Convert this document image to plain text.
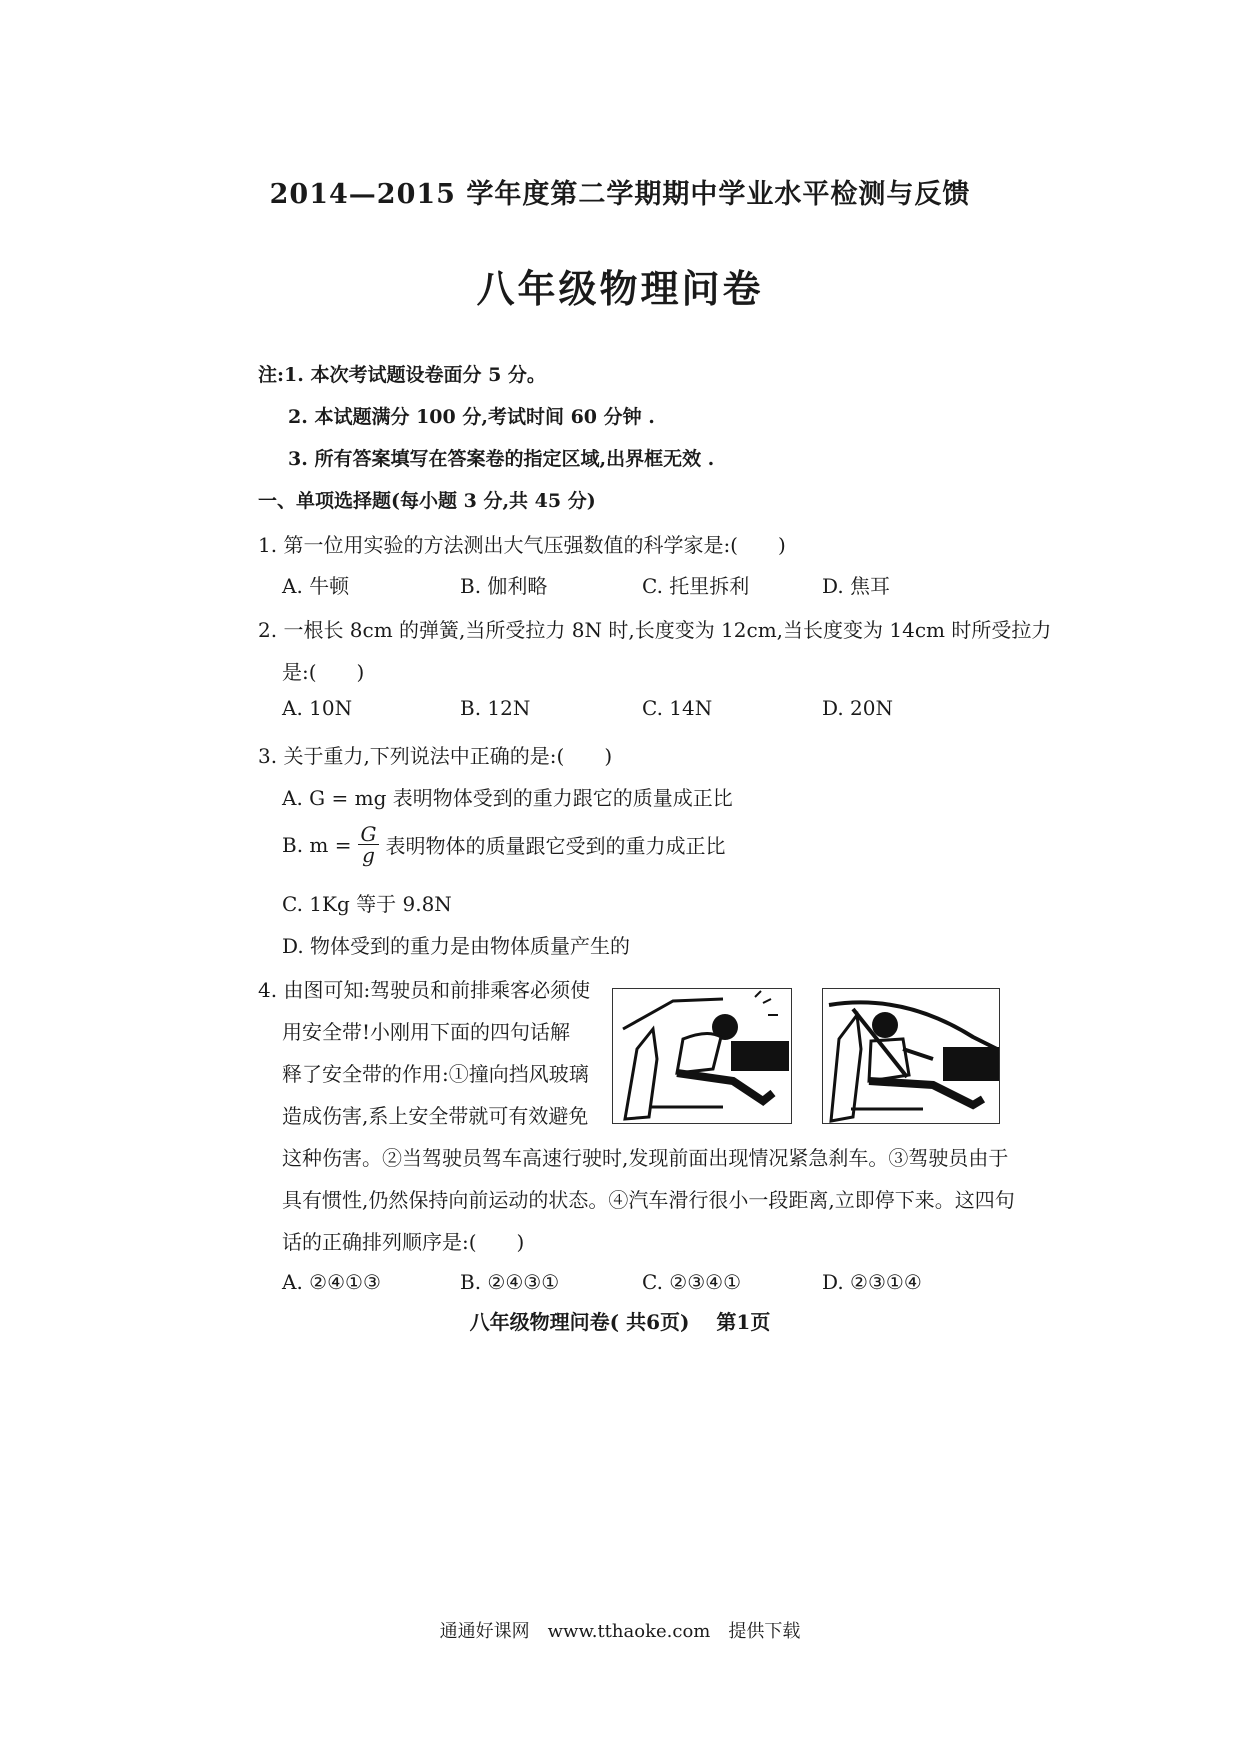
2014—2015 学年度第二学期期中学业水平检测与反馈
八年级物理问卷
注:1. 本次考试题设卷面分 5 分。
2. 本试题满分 100 分,考试时间 60 分钟 .
3. 所有答案填写在答案卷的指定区域,出界框无效 .
一、单项选择题(每小题 3 分,共 45 分)
1. 第一位用实验的方法测出大气压强数值的科学家是:(　　)
A. 牛顿	B. 伽利略	C. 托里拆利	D. 焦耳
2. 一根长 8cm 的弹簧,当所受拉力 8N 时,长度变为 12cm,当长度变为 14cm 时所受拉力
是:(　　)
A. 10N	B. 12N	C. 14N	D. 20N
3. 关于重力,下列说法中正确的是:(　　)
A. G = mg 表明物体受到的重力跟它的质量成正比
B. $m = \frac{G}{g}$ 表明物体的质量跟它受到的重力成正比
C. 1Kg 等于 9.8N
D. 物体受到的重力是由物体质量产生的
4. 由图可知:驾驶员和前排乘客必须使
用安全带!小刚用下面的四句话解
释了安全带的作用:①撞向挡风玻璃
造成伤害,系上安全带就可有效避免
这种伤害。②当驾驶员驾车高速行驶时,发现前面出现情况紧急刹车。③驾驶员由于
具有惯性,仍然保持向前运动的状态。④汽车滑行很小一段距离,立即停下来。这四句
话的正确排列顺序是:(　　)
A. ②④①③	B. ②④③①	C. ②③④①	D. ②③①④
八年级物理问卷( 共6页)　 第1页
通通好课网　www.tthaoke.com　提供下载
